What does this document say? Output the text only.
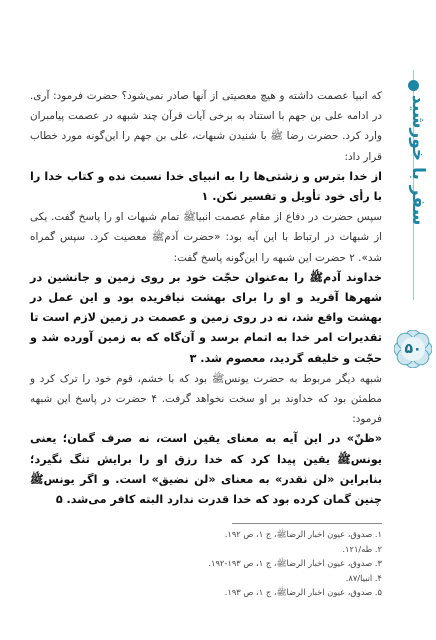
سفر با خورشید
۵۰

که انبیا عصمت داشته و هیچ معصیتی از آنها صادر نمی‌شود؟ حضرت فرمود: آری. در ادامه علی بن جهم با استناد به برخی آیات قرآن چند شبهه در عصمت پیامبران وارد کرد. حضرت رضا ﷺ با شنیدن شبهات، علی بن جهم را این‌گونه مورد خطاب قرار داد:

از خدا بترس و زشتی‌ها را به انبیای خدا نسبت نده و کتاب خدا را با رأی خود تأویل و تفسیر نکن. ۱

سپس حضرت در دفاع از مقام عصمت انبیاﷺ تمام شبهات او را پاسخ گفت. یکی از شبهات در ارتباط با این آیه بود: «حضرت آدمﷺ معصیت کرد. سپس گمراه شد». ۲ حضرت این شبهه را این‌گونه پاسخ گفت:

خداوند آدمﷺ را به‌عنوان حجّت خود بر روی زمین و جانشین در شهرها آفرید و او را برای بهشت نیافریده بود و این عمل در بهشت واقع شد، نه در روی زمین و عصمت در زمین لازم است تا تقدیرات امر خدا به اتمام برسد و آن‌گاه که به زمین آورده شد و حجّت و خلیفه گردید، معصوم شد. ۳

شبهه دیگر مربوط به حضرت یونسﷺ بود که با خشم، قوم خود را ترک کرد و مطمئن بود که خداوند بر او سخت نخواهد گرفت. ۴ حضرت در پاسخ این شبهه فرمود:

«ظنّ» در این آیه به معنای یقین است، نه صرف گمان؛ یعنی یونسﷺ یقین پیدا کرد که خدا رزق او را برایش تنگ نگیرد؛ بنابراین «لن نقدر» به معنای «لن نضیق» است. و اگر یونسﷺ چنین گمان کرده بود که خدا قدرت ندارد البته کافر می‌شد. ۵

۱. صدوق، عیون اخبار الرضاﷺ، ج ۱، ص ۱۹۲.
۲. طه/۱۲۱.
۳. صدوق، عیون اخبار الرضاﷺ، ج ۱، ص ۱۹۳-۱۹۲.
۴. انبیا/۸۷.
۵. صدوق، عیون اخبار الرضاﷺ، ج ۱، ص ۱۹۳.
